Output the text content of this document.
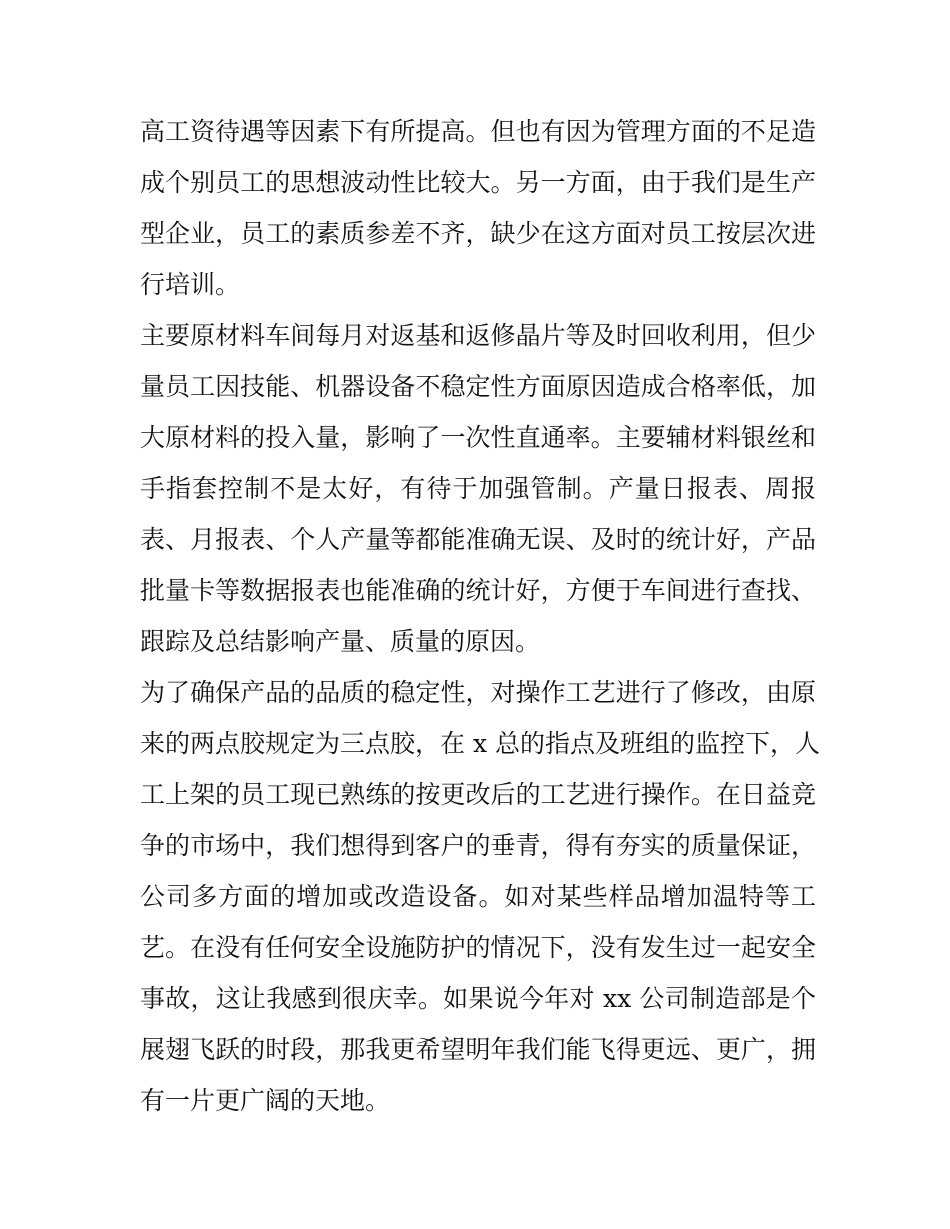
高工资待遇等因素下有所提高。但也有因为管理方面的不足造
成个别员工的思想波动性比较大。另一方面，由于我们是生产
型企业，员工的素质参差不齐，缺少在这方面对员工按层次进
行培训。
主要原材料车间每月对返基和返修晶片等及时回收利用，但少
量员工因技能、机器设备不稳定性方面原因造成合格率低，加
大原材料的投入量，影响了一次性直通率。主要辅材料银丝和
手指套控制不是太好，有待于加强管制。产量日报表、周报
表、月报表、个人产量等都能准确无误、及时的统计好，产品
批量卡等数据报表也能准确的统计好，方便于车间进行查找、
跟踪及总结影响产量、质量的原因。
为了确保产品的品质的稳定性，对操作工艺进行了修改，由原
来的两点胶规定为三点胶，在 x 总的指点及班组的监控下，人
工上架的员工现已熟练的按更改后的工艺进行操作。在日益竞
争的市场中，我们想得到客户的垂青，得有夯实的质量保证，
公司多方面的增加或改造设备。如对某些样品增加温特等工
艺。在没有任何安全设施防护的情况下，没有发生过一起安全
事故，这让我感到很庆幸。如果说今年对 xx 公司制造部是个
展翅飞跃的时段，那我更希望明年我们能飞得更远、更广，拥
有一片更广阔的天地。
